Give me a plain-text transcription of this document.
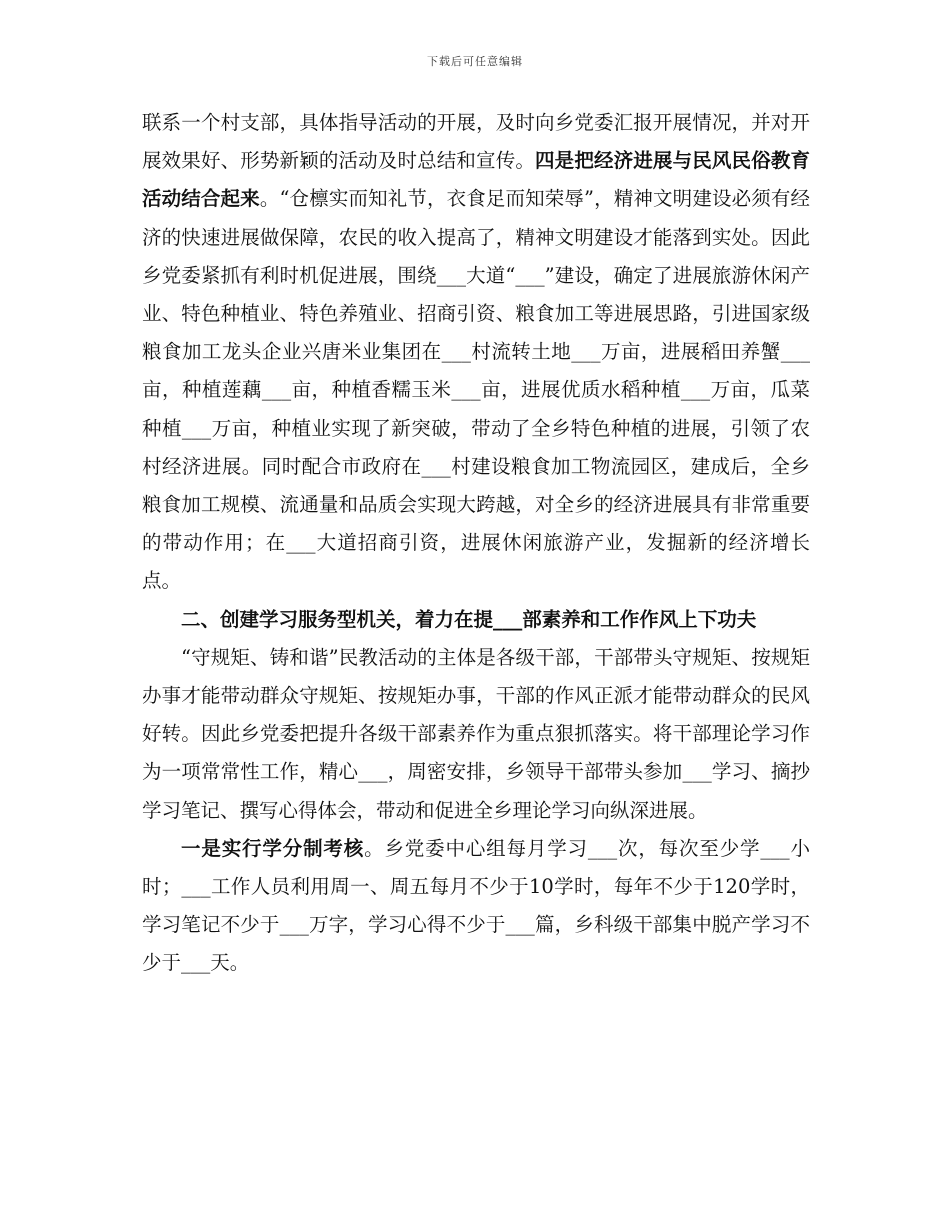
下载后可任意编辑

联系一个村支部，具体指导活动的开展，及时向乡党委汇报开展情况，并对开展效果好、形势新颖的活动及时总结和宣传。四是把经济进展与民风民俗教育活动结合起来。“仓檩实而知礼节，衣食足而知荣辱”，精神文明建设必须有经济的快速进展做保障，农民的收入提高了，精神文明建设才能落到实处。因此乡党委紧抓有利时机促进展，围绕___大道“___”建设，确定了进展旅游休闲产业、特色种植业、特色养殖业、招商引资、粮食加工等进展思路，引进国家级粮食加工龙头企业兴唐米业集团在___村流转土地___万亩，进展稻田养蟹___亩，种植莲藕___亩，种植香糯玉米___亩，进展优质水稻种植___万亩，瓜菜种植___万亩，种植业实现了新突破，带动了全乡特色种植的进展，引领了农村经济进展。同时配合市政府在___村建设粮食加工物流园区，建成后，全乡粮食加工规模、流通量和品质会实现大跨越，对全乡的经济进展具有非常重要的带动作用；在___大道招商引资，进展休闲旅游产业，发掘新的经济增长点。

二、创建学习服务型机关，着力在提___部素养和工作作风上下功夫

“守规矩、铸和谐”民教活动的主体是各级干部，干部带头守规矩、按规矩办事才能带动群众守规矩、按规矩办事，干部的作风正派才能带动群众的民风好转。因此乡党委把提升各级干部素养作为重点狠抓落实。将干部理论学习作为一项常常性工作，精心___，周密安排，乡领导干部带头参加___学习、摘抄学习笔记、撰写心得体会，带动和促进全乡理论学习向纵深进展。

一是实行学分制考核。乡党委中心组每月学习___次，每次至少学___小时；___工作人员利用周一、周五每月不少于10学时，每年不少于120学时，学习笔记不少于___万字，学习心得不少于___篇，乡科级干部集中脱产学习不少于___天。
